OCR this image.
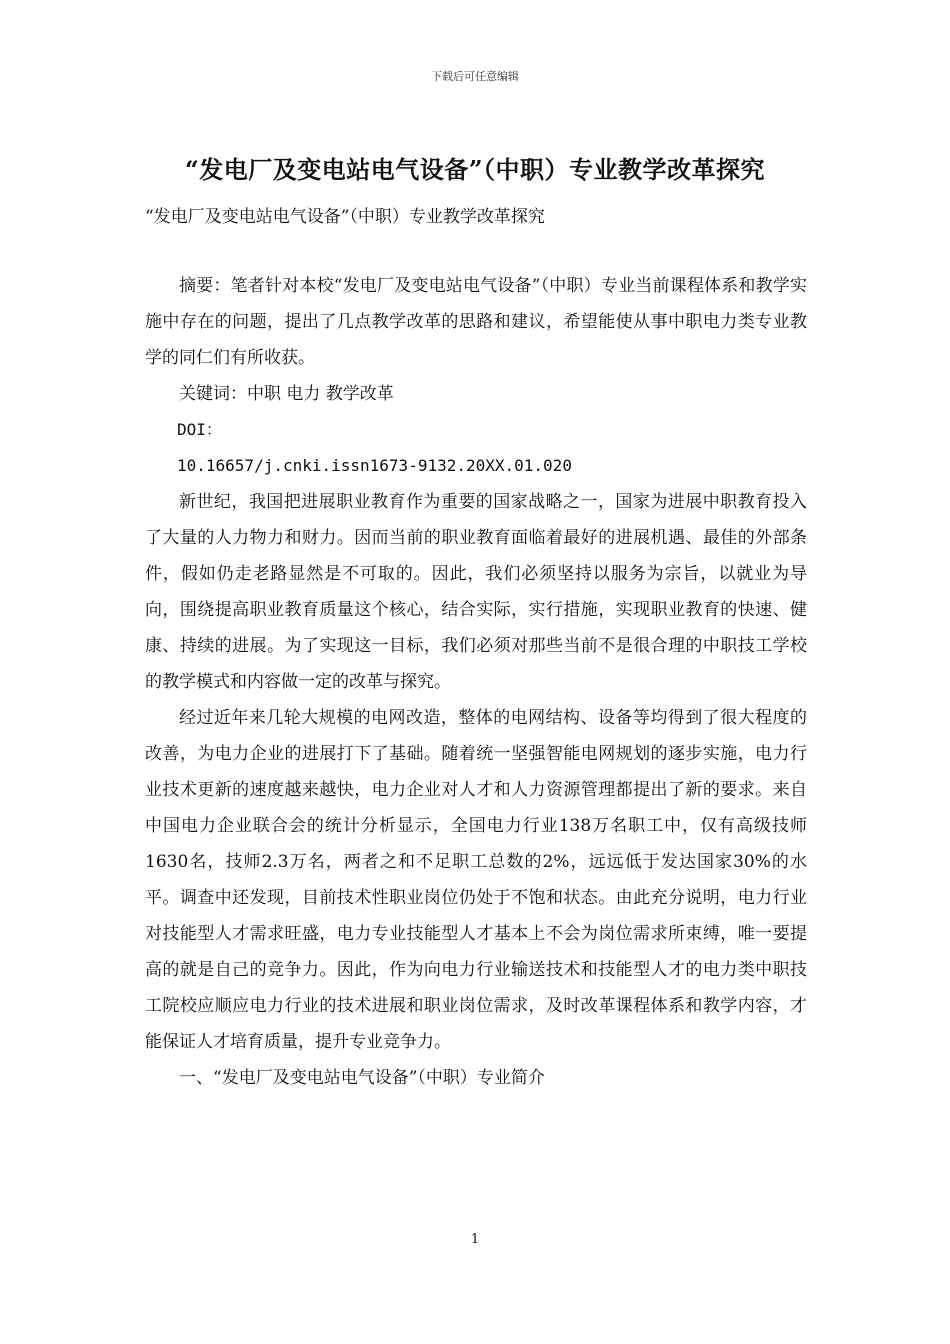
下载后可任意编辑
“发电厂及变电站电气设备”（中职）专业教学改革探究
“发电厂及变电站电气设备”（中职）专业教学改革探究

摘要：笔者针对本校“发电厂及变电站电气设备”（中职）专业当前课程体系和教学实施中存在的问题，提出了几点教学改革的思路和建议，希望能使从事中职电力类专业教学的同仁们有所收获。

关键词：中职 电力 教学改革

DOI：

10.16657/j.cnki.issn1673-9132.20XX.01.020

新世纪，我国把进展职业教育作为重要的国家战略之一，国家为进展中职教育投入了大量的人力物力和财力。因而当前的职业教育面临着最好的进展机遇、最佳的外部条件，假如仍走老路显然是不可取的。因此，我们必须坚持以服务为宗旨，以就业为导向，围绕提高职业教育质量这个核心，结合实际，实行措施，实现职业教育的快速、健康、持续的进展。为了实现这一目标，我们必须对那些当前不是很合理的中职技工学校的教学模式和内容做一定的改革与探究。

经过近年来几轮大规模的电网改造，整体的电网结构、设备等均得到了很大程度的改善，为电力企业的进展打下了基础。随着统一坚强智能电网规划的逐步实施，电力行业技术更新的速度越来越快，电力企业对人才和人力资源管理都提出了新的要求。来自中国电力企业联合会的统计分析显示，全国电力行业138万名职工中，仅有高级技师1630名，技师2.3万名，两者之和不足职工总数的2%，远远低于发达国家30%的水平。调查中还发现，目前技术性职业岗位仍处于不饱和状态。由此充分说明，电力行业对技能型人才需求旺盛，电力专业技能型人才基本上不会为岗位需求所束缚，唯一要提高的就是自己的竞争力。因此，作为向电力行业输送技术和技能型人才的电力类中职技工院校应顺应电力行业的技术进展和职业岗位需求，及时改革课程体系和教学内容，才能保证人才培育质量，提升专业竞争力。

一、“发电厂及变电站电气设备”（中职）专业简介

1
